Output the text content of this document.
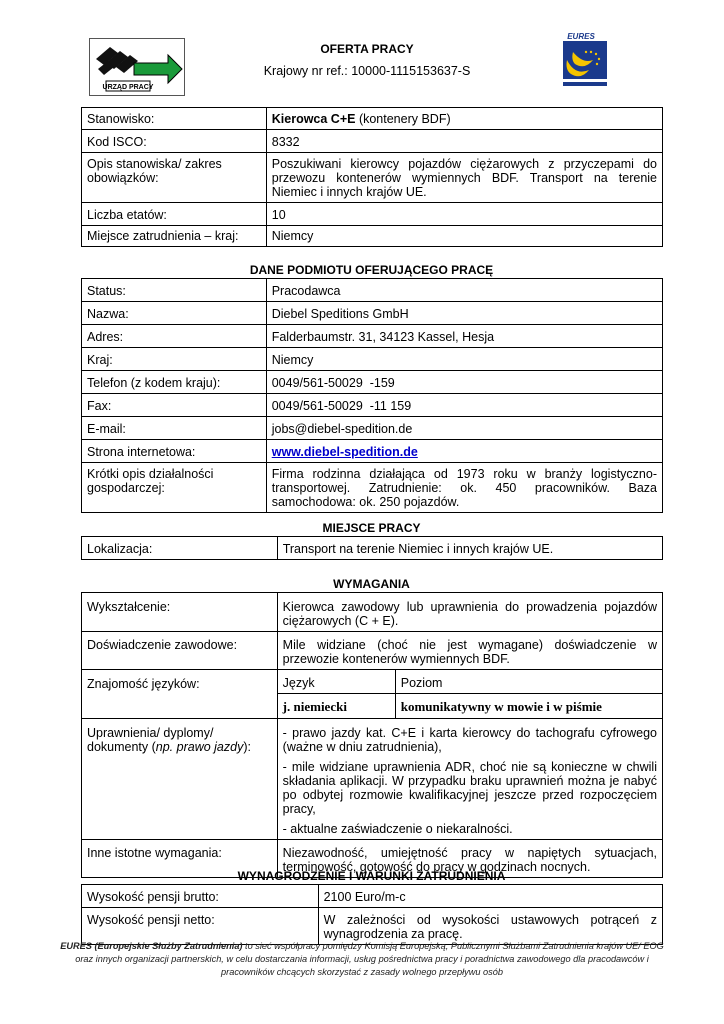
URZĄD PRACY
EURES
OFERTA PRACY
Krajowy nr ref.: 10000-1115153637-S
Stanowisko:	Kierowca C+E (kontenery BDF)
Kod ISCO:	8332
Opis stanowiska/ zakres obowiązków:	Poszukiwani kierowcy pojazdów ciężarowych z przyczepami do przewozu kontenerów wymiennych BDF. Transport na terenie Niemiec i innych krajów UE.
Liczba etatów:	10
Miejsce zatrudnienia – kraj:	Niemcy
DANE PODMIOTU OFERUJĄCEGO PRACĘ
Status:	Pracodawca
Nazwa:	Diebel Speditions GmbH
Adres:	Falderbaumstr. 31, 34123 Kassel, Hesja
Kraj:	Niemcy
Telefon (z kodem kraju):	0049/561-50029  -159
Fax:	0049/561-50029  -11 159
E-mail:	jobs@diebel-spedition.de
Strona internetowa:	www.diebel-spedition.de
Krótki opis działalności gospodarczej:	Firma rodzinna działająca od 1973 roku w branży logistyczno-transportowej. Zatrudnienie: ok. 450 pracowników. Baza samochodowa: ok. 250 pojazdów.
MIEJSCE PRACY
Lokalizacja:	Transport na terenie Niemiec i innych krajów UE.
WYMAGANIA
Wykształcenie:	Kierowca zawodowy lub uprawnienia do prowadzenia pojazdów ciężarowych (C + E).
Doświadczenie zawodowe:	Mile widziane (choć nie jest wymagane) doświadczenie w przewozie kontenerów wymiennych BDF.
Znajomość języków:		Język	Poziom
j. niemiecki	komunikatywny w mowie i w piśmie

Uprawnienia/ dyplomy/ dokumenty (np. prawo jazdy):	
- prawo jazdy kat. C+E i karta kierowcy do tachografu cyfrowego (ważne w dniu zatrudnienia),
- mile widziane uprawnienia ADR, choć nie są konieczne w chwili składania aplikacji. W przypadku braku uprawnień można je nabyć po odbytej rozmowie kwalifikacyjnej jeszcze przed rozpoczęciem pracy,
- aktualne zaświadczenie o niekaralności.

Inne istotne wymagania:	Niezawodność, umiejętność pracy w napiętych sytuacjach, terminowość, gotowość do pracy w godzinach nocnych.
WYNAGRODZENIE I WARUNKI ZATRUDNIENIA
Wysokość pensji brutto:	2100 Euro/m-c
Wysokość pensji netto:	W zależności od wysokości ustawowych potrąceń z wynagrodzenia za pracę.
EURES (Europejskie Służby Zatrudnienia) to sieć współpracy pomiędzy Komisją Europejską, Publicznymi Służbami Zatrudnienia krajów UE/ EOG
oraz innych organizacji partnerskich, w celu dostarczania informacji, usług pośrednictwa pracy i poradnictwa zawodowego dla pracodawców i
pracowników chcących skorzystać z zasady wolnego przepływu osób
